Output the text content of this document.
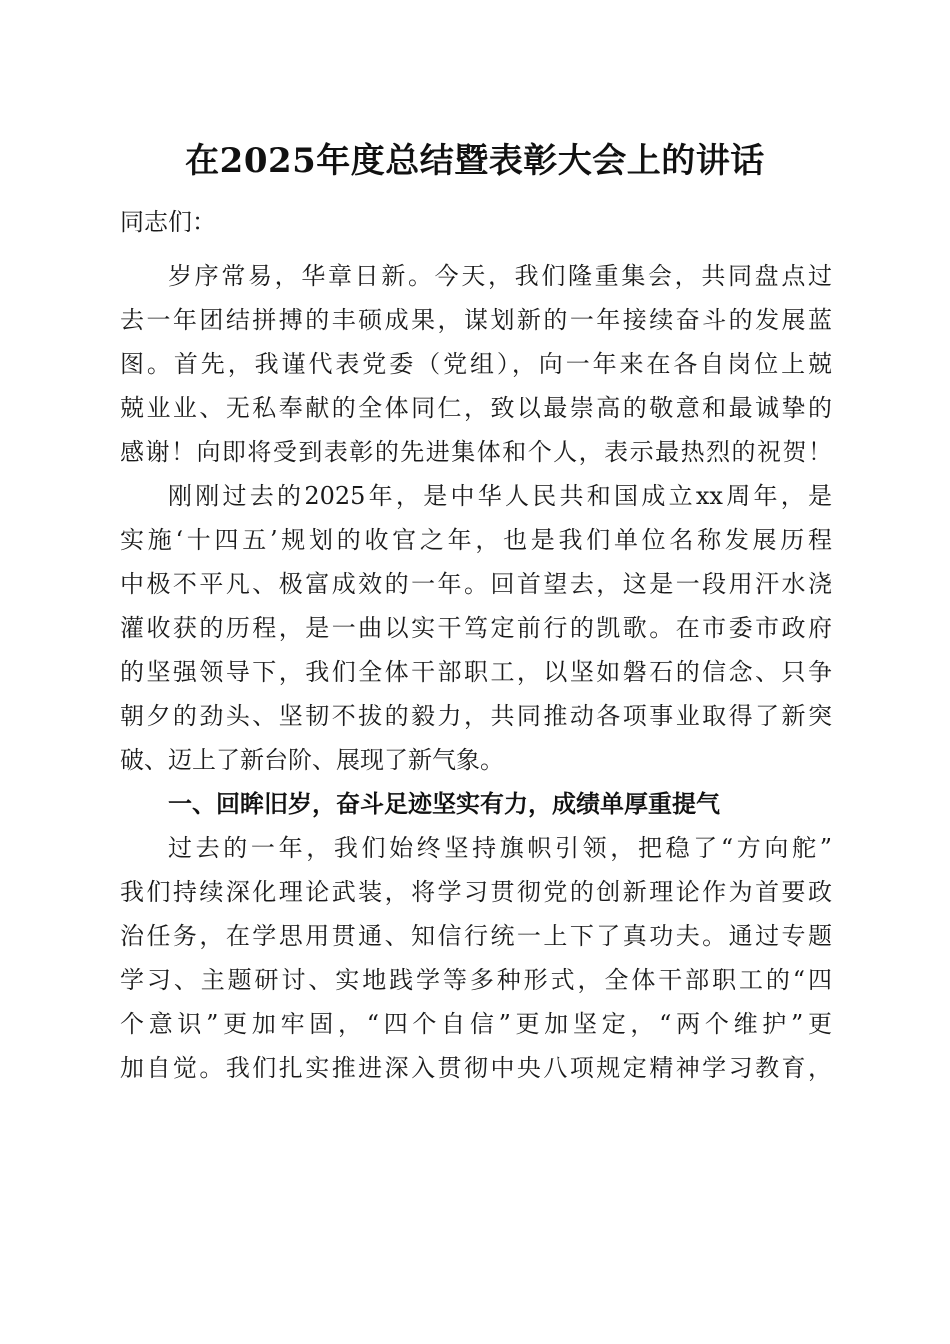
在2025年度总结暨表彰大会上的讲话
同志们：
岁序常易，华章日新。今天，我们隆重集会，共同盘点过
去一年团结拼搏的丰硕成果，谋划新的一年接续奋斗的发展蓝
图。首先，我谨代表党委（党组），向一年来在各自岗位上兢
兢业业、无私奉献的全体同仁，致以最崇高的敬意和最诚挚的
感谢！向即将受到表彰的先进集体和个人，表示最热烈的祝贺！
刚刚过去的2025年，是中华人民共和国成立xx周年，是
实施‘十四五’规划的收官之年，也是我们单位名称发展历程
中极不平凡、极富成效的一年。回首望去，这是一段用汗水浇
灌收获的历程，是一曲以实干笃定前行的凯歌。在市委市政府
的坚强领导下，我们全体干部职工，以坚如磐石的信念、只争
朝夕的劲头、坚韧不拔的毅力，共同推动各项事业取得了新突
破、迈上了新台阶、展现了新气象。
一、回眸旧岁，奋斗足迹坚实有力，成绩单厚重提气
过去的一年，我们始终坚持旗帜引领，把稳了“方向舵”
我们持续深化理论武装，将学习贯彻党的创新理论作为首要政
治任务，在学思用贯通、知信行统一上下了真功夫。通过专题
学习、主题研讨、实地践学等多种形式，全体干部职工的“四
个意识”更加牢固，“四个自信”更加坚定，“两个维护”更
加自觉。我们扎实推进深入贯彻中央八项规定精神学习教育，
